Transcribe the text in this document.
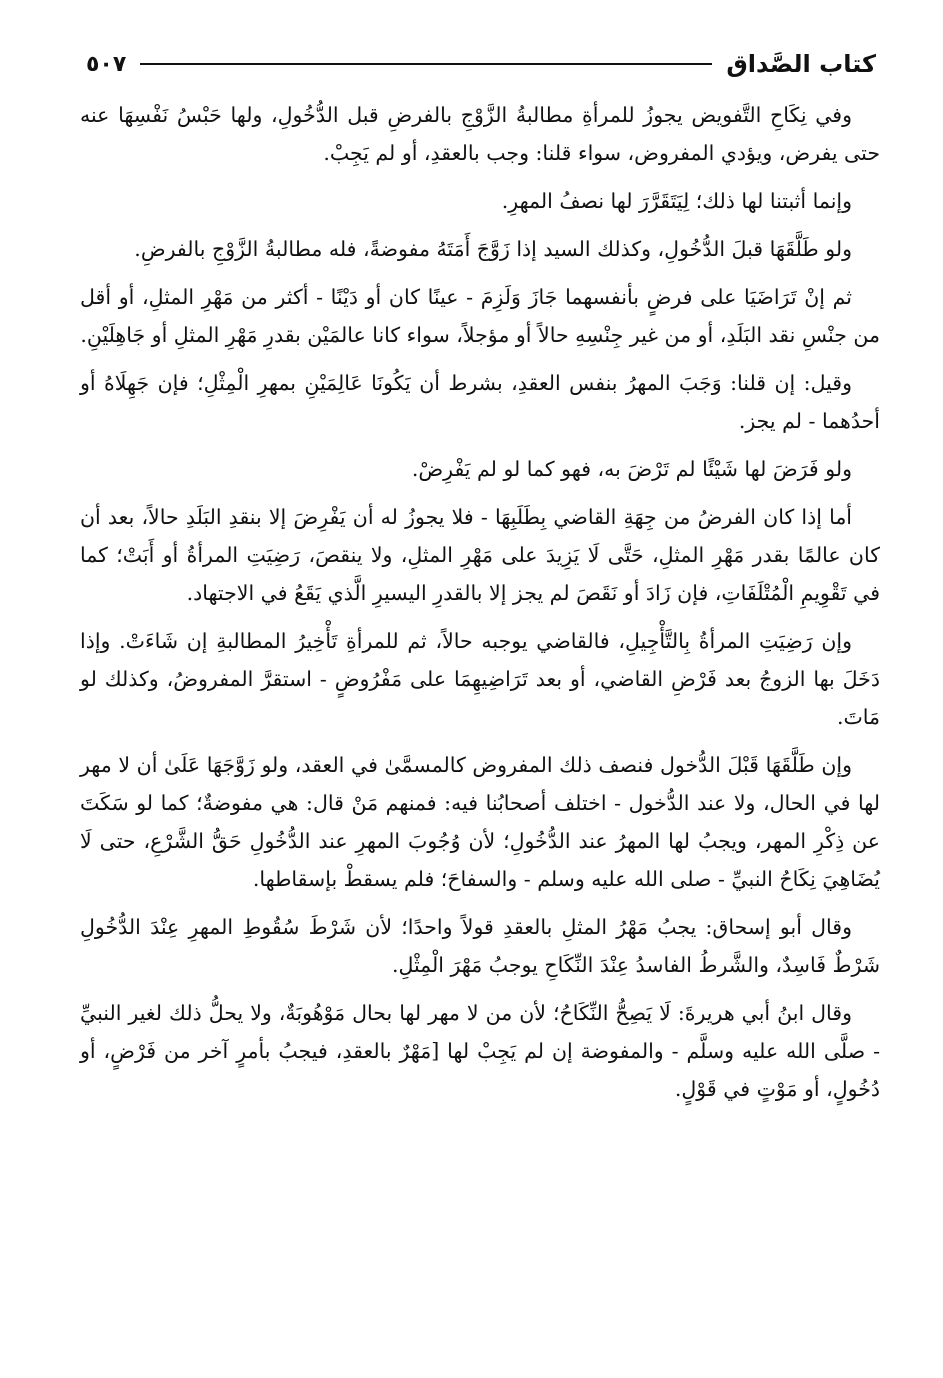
كتاب الصَّداق
٥٠٧

وفي نِكَاحِ التَّفويض يجوزُ للمرأةِ مطالبةُ الزَّوْجِ بالفرضِ قبل الدُّخُولِ، ولها حَبْسُ نَفْسِهَا عنه حتى يفرض، ويؤدي المفروض، سواء قلنا: وجب بالعقدِ، أو لم يَجِبْ.

وإنما أثبتنا لها ذلك؛ لِيَتَقَرَّرَ لها نصفُ المهرِ.

ولو طَلَّقَهَا قبلَ الدُّخُولِ، وكذلك السيد إذا زَوَّجَ أَمَتَهُ مفوضةً، فله مطالبةُ الزَّوْجِ بالفرضِ.

ثم إنْ تَرَاضَيَا على فرضٍ بأنفسهما جَازَ وَلَزِمَ - عينًا كان أو دَيْنًا - أكثر من مَهْرِ المثلِ، أو أقل من جنْسِ نقد البَلَدِ، أو من غير جِنْسِهِ حالاً أو مؤجلاً، سواء كانا عالمَيْن بقدرِ مَهْرِ المثلِ أو جَاهِلَيْنِ.

وقيل: إن قلنا: وَجَبَ المهرُ بنفس العقدِ، بشرط أن يَكُونَا عَالِمَيْنِ بمهرِ الْمِثْلِ؛ فإن جَهِلَاهُ أو أحدُهما - لم يجز.

ولو فَرَضَ لها شَيْئًا لم تَرْضَ به، فهو كما لو لم يَفْرِضْ.

أما إذا كان الفرضُ من جِهَةِ القاضي بِطَلَبِهَا - فلا يجوزُ له أن يَفْرِضَ إلا بنقدِ البَلَدِ حالاً، بعد أن كان عالمًا بقدر مَهْرِ المثلِ، حَتَّى لَا يَزِيدَ على مَهْرِ المثلِ، ولا ينقصَ، رَضِيَتِ المرأةُ أو أَبَتْ؛ كما في تَقْوِيمِ الْمُتْلَفَاتِ، فإن زَادَ أو نَقَصَ لم يجز إلا بالقدرِ اليسيرِ الَّذي يَقَعُ في الاجتهاد.

وإن رَضِيَتِ المرأةُ بِالتَّأْجِيلِ، فالقاضي يوجبه حالاً، ثم للمرأةِ تَأْخِيرُ المطالبةِ إن شَاءَتْ. وإذا دَخَلَ بها الزوجُ بعد فَرْضِ القاضي، أو بعد تَرَاضِيهِمَا على مَفْرُوضٍ - استقرَّ المفروضُ، وكذلك لو مَاتَ.

وإن طَلَّقَهَا قَبْلَ الدُّخول فنصف ذلك المفروض كالمسمَّىٰ في العقد، ولو زَوَّجَهَا عَلَىٰ أن لا مهر لها في الحال، ولا عند الدُّخول - اختلف أصحابُنا فيه: فمنهم مَنْ قال: هي مفوضةٌ؛ كما لو سَكَتَ عن ذِكْرِ المهر، ويجبُ لها المهرُ عند الدُّخُولِ؛ لأن وُجُوبَ المهرِ عند الدُّخُولِ حَقُّ الشَّرْعِ، حتى لَا يُضَاهِيَ نِكَاحُ النبيِّ - صلى الله عليه وسلم - والسفاحَ؛ فلم يسقطْ بإسقاطها.

وقال أبو إسحاق: يجبُ مَهْرُ المثلِ بالعقدِ قولاً واحدًا؛ لأن شَرْطَ سُقُوطِ المهرِ عِنْدَ الدُّخُولِ شَرْطٌ فَاسِدٌ، والشَّرطُ الفاسدُ عِنْدَ النِّكَاحِ يوجبُ مَهْرَ الْمِثْلِ.

وقال ابنُ أبي هريرةَ: لَا يَصِحُّ النِّكَاحُ؛ لأن من لا مهر لها بحال مَوْهُوبَةٌ، ولا يحلُّ ذلك لغير النبيِّ - صلَّى الله عليه وسلَّم - والمفوضة إن لم يَجِبْ لها [مَهْرٌ بالعقدِ، فيجبُ بأمرٍ آخر من فَرْضٍ، أو دُخُولٍ، أو مَوْتٍ في قَوْلٍ.
